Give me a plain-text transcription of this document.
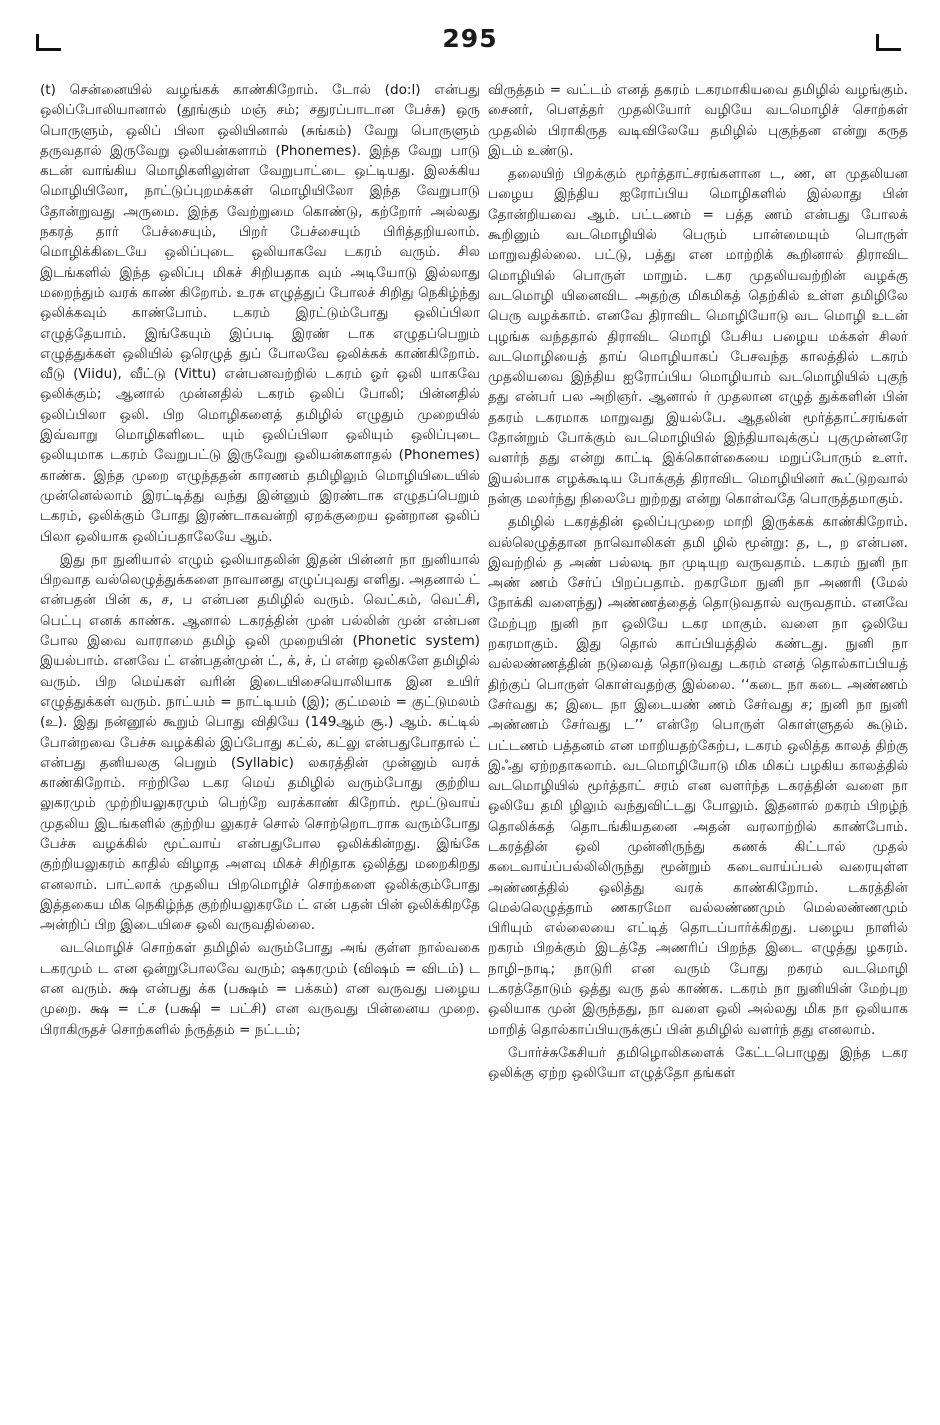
295

(t) சென்னையில் வழங்கக் காண்கிறோம். டோல் (do:l) என்பது ஒலிப்போலியானால் (தூங்கும் மஞ் சம்; சதுரப்பாடான பேச்சு) ஒரு பொருளும், ஒலிப் பிலா ஒலியினால் (சுங்கம்) வேறு பொருளும் தருவதால் இருவேறு ஒலியன்களாம் (Phonemes). இந்த வேறு பாடு கடன் வாங்கிய மொழிகளிலுள்ள வேறுபாட்டை ஒட்டியது. இலக்கிய மொழியிலோ, நாட்டுப்புறமக்கள் மொழியிலோ இந்த வேறுபாடு தோன்றுவது அருமை. இந்த வேற்றுமை கொண்டு, கற்றோர் அல்லது நகரத் தார் பேச்சையும், பிறர் பேச்சையும் பிரித்தறியலாம். மொழிக்கிடையே ஒலிப்புடை ஒலியாகவே டகரம் வரும். சில இடங்களில் இந்த ஒலிப்பு மிகச் சிறியதாக வும் அடியோடு இல்லாது மறைந்தும் வரக் காண் கிறோம். உரசு எழுத்துப் போலச் சிறிது நெகிழ்ந்து ஒலிக்கவும் காண்போம். டகரம் இரட்டும்போது ஒலிப்பிலா எழுத்தேயாம். இங்கேயும் இப்படி இரண் டாக எழுதப்பெறும் எழுத்துக்கள் ஒலியில் ஒரெழுத் துப் போலவே ஒலிக்கக் காண்கிறோம். வீடு (Viidu), வீட்டு (Vittu) என்பனவற்றில் டகரம் ஓர் ஒலி யாகவே ஒலிக்கும்; ஆனால் முன்னதில் டகரம் ஒலிப் போலி; பின்னதில் ஒலிப்பிலா ஒலி. பிற மொழிகளைத் தமிழில் எழுதும் முறையில் இவ்வாறு மொழிகளிடை யும் ஒலிப்பிலா ஒலியும் ஒலிப்புடை ஒலியுமாக டகரம் வேறுபட்டு இருவேறு ஒலியன்களாதல் (Phonemes) காண்க. இந்த முறை எழுந்ததன் காரணம் தமிழிலும் மொழியிடையில் முன்னெல்லாம் இரட்டித்து வந்து இன்னும் இரண்டாக எழுதப்பெறும் டகரம், ஒலிக்கும் போது இரண்டாகவன்றி ஏறக்குறைய ஒன்றான ஒலிப் பிலா ஒலியாக ஒலிப்பதாலேயே ஆம்.

இது நா நுனியால் எழும் ஒலியாதலின் இதன் பின்னர் நா நுனியால் பிறவாத வல்லெழுத்துக்களை நாவானது எழுப்புவது எளிது. அதனால் ட் என்பதன் பின் க, ச, ப என்பன தமிழில் வரும். வெட்கம், வெட்சி, பெட்பு எனக் காண்க. ஆனால் டகரத்தின் முன் பல்லின் முன் என்பன போல இவை வாராமை தமிழ் ஒலி முறையின் (Phonetic system) இயல்பாம். எனவே ட் என்பதன்முன் ட், க், ச், ப் என்ற ஒலிகளே தமிழில் வரும். பிற மெய்கள் வரின் இடையிசையொலியாக இன உயிர் எழுத்துக்கள் வரும். நாட்யம் = நாட்டியம் (இ); குட்மலம் = குட்டுமலம் (உ). இது நன்னூல் கூறும் பொது விதியே (149ஆம் சூ.) ஆம். கட்டில் போன்றவை பேச்சு வழக்கில் இப்போது கட்ல், கட்லு என்பதுபோதால் ட் என்பது தனியலகு பெறும் (Syllabic) லகரத்தின் முன்னும் வரக் காண்கிறோம். ஈற்றிலே டகர மெய் தமிழில் வரும்போது குற்றிய லுகரமும் முற்றியலுகரமும் பெற்றே வரக்காண் கிறோம். மூட்டுவாய் முதலிய இடங்களில் குற்றிய லுகரச் சொல் சொற்றொடராக வரும்போது பேச்சு வழக்கில் மூட்வாய் என்பதுபோல ஒலிக்கின்றது. இங்கே குற்றியலுகரம் காதில் விழாத அளவு மிகச் சிறிதாக ஒலித்து மறைகிறது எனலாம். பாட்லாக் முதலிய பிறமொழிச் சொற்களை ஒலிக்கும்போது இத்தகைய மிக நெகிழ்ந்த குற்றியலுகரமே ட் என் பதன் பின் ஒலிக்கிறதே அன்றிப் பிற இடையிசை ஒலி வருவதில்லை.

வடமொழிச் சொற்கள் தமிழில் வரும்போது அங் குள்ள நால்வகை டகரமும் ட என ஒன்றுபோலவே வரும்; ஷகரமும் (விஷம் = விடம்) ட என வரும். க்ஷ என்பது க்க (பக்ஷம் = பக்கம்) என வருவது பழைய முறை. க்ஷ = ட்ச (பக்ஷி = பட்சி) என வருவது பின்னைய முறை. பிராகிருதச் சொற்களில் ந்ருத்தம் = நட்டம்;

விருத்தம் = வட்டம் எனத் தகரம் டகரமாகியவை தமிழில் வழங்கும். சைனர், பௌத்தர் முதலியோர் வழியே வடமொழிச் சொற்கள் முதலில் பிராகிருத வடிவிலேயே தமிழில் புகுந்தன என்று கருத இடம் உண்டு.

தலையிற் பிறக்கும் மூர்த்தாட்சரங்களான ட, ண, ள முதலியன பழைய இந்திய ஐரோப்பிய மொழிகளில் இல்லாது பின் தோன்றியவை ஆம். பட்டணம் = பத்த ணம் என்பது போலக் கூறினும் வடமொழியில் பெரும் பான்மையும் பொருள் மாறுவதில்லை. பட்டு, பத்து என மாற்றிக் கூறினால் திராவிட மொழியில் பொருள் மாறும். டகர முதலியவற்றின் வழக்கு வடமொழி யினைவிட அதற்கு மிகமிகத் தெற்கில் உள்ள தமிழிலே பெரு வழக்காம். எனவே திராவிட மொழியோடு வட மொழி உடன் புழங்க வந்ததால் திராவிட மொழி பேசிய பழைய மக்கள் சிலர் வடமொழியைத் தாய் மொழியாகப் பேசவந்த காலத்தில் டகரம் முதலியவை இந்திய ஐரோப்பிய மொழியாம் வடமொழியில் புகுந் தது என்பர் பல அறிஞர். ஆனால் ர் முதலான எழுத் துக்களின் பின் தகரம் டகரமாக மாறுவது இயல்பே. ஆதலின் மூர்த்தாட்சரங்கள் தோன்றும் போக்கும் வடமொழியில் இந்தியாவுக்குப் புகுமுன்னரே வளர்ந் தது என்று காட்டி இக்கொள்கையை மறுப்போரும் உளர். இயல்பாக எழக்கூடிய போக்குத் திராவிட மொழியினர் கூட்டுறவால் நன்கு மலர்ந்து நிலைபே றுற்றது என்று கொள்வதே பொருத்தமாகும்.

தமிழில் டகரத்தின் ஒலிப்புமுறை மாறி இருக்கக் காண்கிறோம். வல்லெழுத்தான நாவொலிகள் தமி ழில் மூன்று: த, ட, ற என்பன. இவற்றில் த அண் பல்லடி நா முடியுற வருவதாம். டகரம் நுனி நா அண் ணம் சேர்ப் பிறப்பதாம். றகரமோ நுனி நா அணரி (மேல் நோக்கி வளைந்து) அண்ணத்தைத் தொடுவதால் வருவதாம். எனவே மேற்புற நுனி நா ஒலியே டகர மாகும். வளை நா ஒலியே றகரமாகும். இது தொல் காப்பியத்தில் கண்டது. நுனி நா வல்லண்ணத்தின் நடுவைத் தொடுவது டகரம் எனத் தொல்காப்பியத் திற்குப் பொருள் கொள்வதற்கு இல்லை. ‘‘கடை நா கடை அண்ணம் சேர்வது க; இடை நா இடையண் ணம் சேர்வது ச; நுனி நா நுனி அண்ணம் சேர்வது ட’’ என்றே பொருள் கொள்ளுதல் கூடும். பட்டணம் பத்தனம் என மாறியதற்கேற்ப, டகரம் ஒலித்த காலத் திற்கு இஃது ஏற்றதாகலாம். வடமொழியோடு மிக மிகப் பழகிய காலத்தில் வடமொழியில் மூர்த்தாட் சரம் என வளர்ந்த டகரத்தின் வளை நா ஒலியே தமி ழிலும் வந்துவிட்டது போலும். இதனால் றகரம் பிறழ்ந் தொலிக்கத் தொடங்கியதனை அதன் வரலாற்றில் காண்போம். டகரத்தின் ஒலி முன்னிருந்து கணக் கிட்டால் முதல் கடைவாய்ப்பல்லிலிருந்து மூன்றும் கடைவாய்ப்பல் வரையுள்ள அண்ணத்தில் ஒலித்து வரக் காண்கிறோம். டகரத்தின் மெல்லெழுத்தாம் ணகரமோ வல்லண்ணமும் மெல்லண்ணமும் பிரியும் எல்லையை எட்டித் தொடப்பார்க்கிறது. பழைய நாளில் றகரம் பிறக்கும் இடத்தே அணரிப் பிறந்த இடை எழுத்து ழகரம். நாழி–நாடி; நாடுரி என வரும் போது றகரம் வடமொழி டகரத்தோடும் ஒத்து வரு தல் காண்க. டகரம் நா நுனியின் மேற்புற ஒலியாக முன் இருந்தது, நா வளை ஒலி அல்லது மிக நா ஒலியாக மாறித் தொல்காப்பியருக்குப் பின் தமிழில் வளர்ந் தது எனலாம்.

போர்ச்சுகேசியர் தமிழொலிகளைக் கேட்டபொழுது இந்த டகர ஒலிக்கு ஏற்ற ஒலியோ எழுத்தோ தங்கள்
